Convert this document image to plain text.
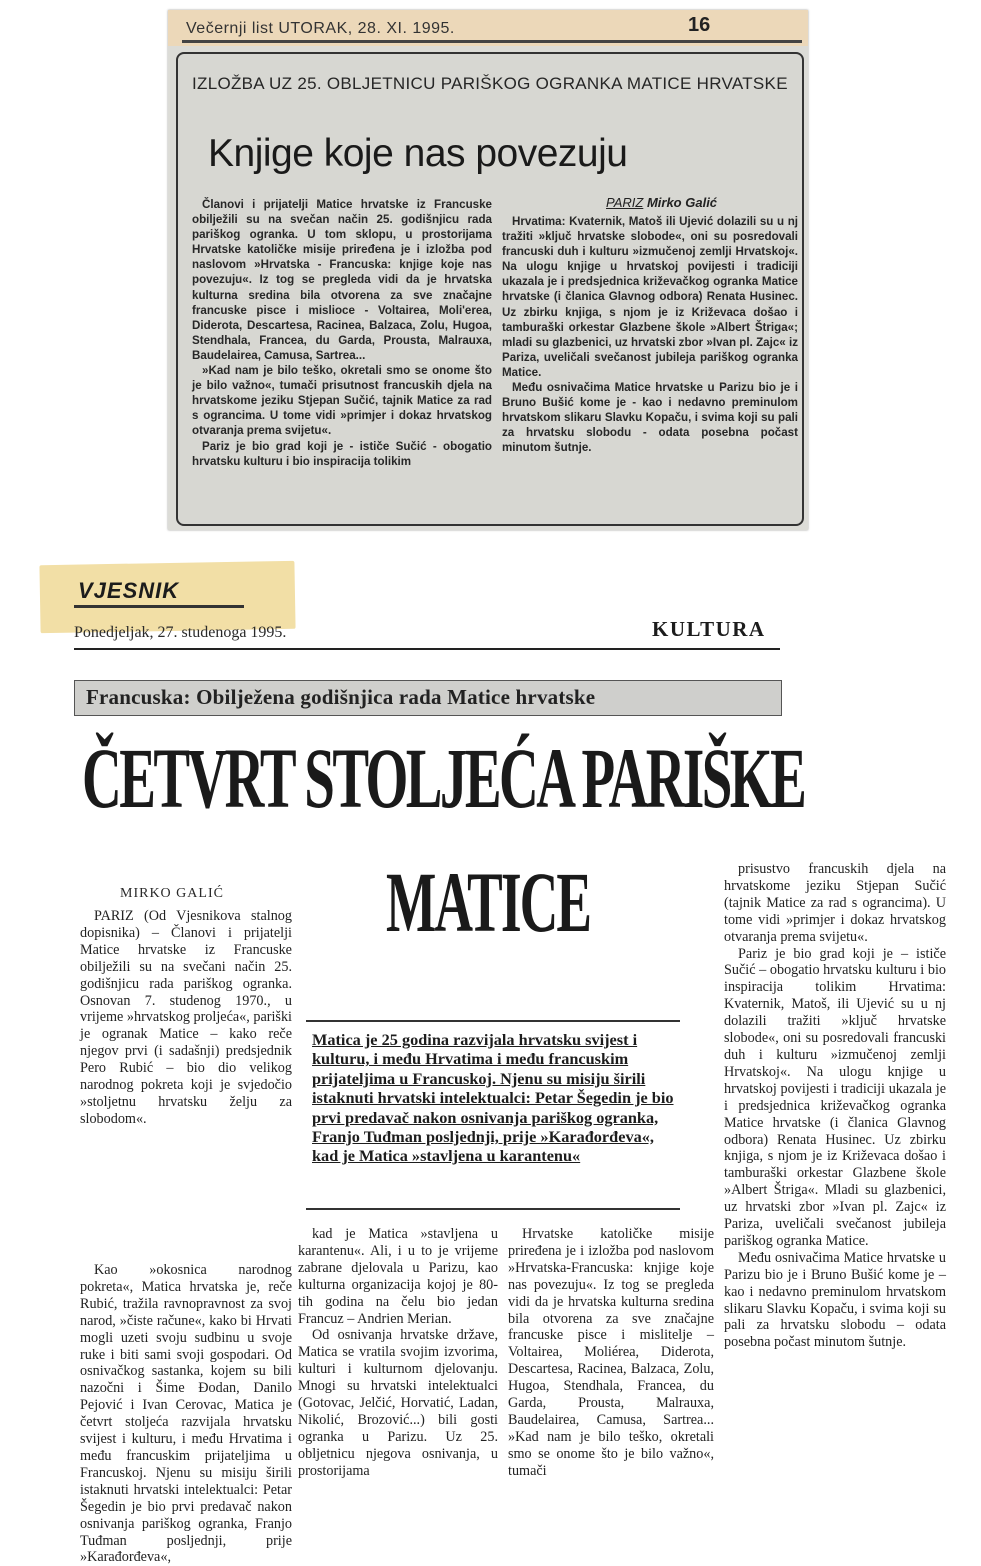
Večernji list UTORAK, 28. XI. 1995.	16
IZLOŽBA UZ 25. OBLJETNICU PARIŠKOG OGRANKA MATICE HRVATSKE
Knjige koje nas povezuju
PARIZ Mirko Galić

Članovi i prijatelji Matice hrvatske iz Francuske obilježili su na svečan način 25. godišnjicu rada pariškog ogranka. U tom sklopu, u prostorijama Hrvatske katoličke misije priređena je i izložba pod naslovom »Hrvatska - Francuska: knjige koje nas povezuju«. Iz tog se pregleda vidi da je hrvatska kulturna sredina bila otvorena za sve značajne francuske pisce i mislioce - Voltairea, Moli'erea, Diderota, Descartesa, Racinea, Balzaca, Zolu, Hugoa, Stendhala, Francea, du Garda, Prousta, Malrauxa, Baudelairea, Camusa, Sartrea...

»Kad nam je bilo teško, okretali smo se onome što je bilo važno«, tumači prisutnost francuskih djela na hrvatskome jeziku Stjepan Sučić, tajnik Matice za rad s ograncima. U tome vidi »primjer i dokaz hrvatskog otvaranja prema svijetu«.

Pariz je bio grad koji je - ističe Sučić - obogatio hrvatsku kulturu i bio inspiracija tolikim

Hrvatima: Kvaternik, Matoš ili Ujević dolazili su u nj tražiti »ključ hrvatske slobode«, oni su posredovali francuski duh i kulturu »izmučenoj zemlji Hrvatskoj«. Na ulogu knjige u hrvatskoj povijesti i tradiciji ukazala je i predsjednica križevačkog ogranka Matice hrvatske (i članica Glavnog odbora) Renata Husinec. Uz zbirku knjiga, s njom je iz Križevaca došao i tamburaški orkestar Glazbene škole »Albert Štriga«; mladi su glazbenici, uz hrvatski zbor »Ivan pl. Zajc« iz Pariza, uveličali svečanost jubileja pariškog ogranka Matice.

Među osnivačima Matice hrvatske u Parizu bio je i Bruno Bušić kome je - kao i nedavno preminulom hrvatskom slikaru Slavku Kopaču, i svima koji su pali za hrvatsku slobodu - odata posebna počast minutom šutnje.

VJESNIK
Ponedjeljak, 27. studenoga 1995.	KULTURA
Francuska: Obilježena godišnjica rada Matice hrvatske
ČETVRT STOLJEĆA PARIŠKE
MATICE
MIRKO GALIĆ

PARIZ (Od Vjesnikova stalnog dopisnika) – Članovi i prijatelji Matice hrvatske iz Francuske obilježili su na svečani način 25. godišnjicu rada pariškog ogranka. Osnovan 7. studenog 1970., u vrijeme »hrvatskog proljeća«, pariški je ogranak Matice – kako reče njegov prvi (i sadašnji) predsjednik Pero Rubić – bio dio velikog narodnog pokreta koji je svjedočio »stoljetnu hrvatsku želju za slobodom«.

Kao »okosnica narodnog pokreta«, Matica hrvatska je, reče Rubić, tražila ravnopravnost za svoj narod, »čiste račune«, kako bi Hrvati mogli uzeti svoju sudbinu u svoje ruke i biti sami svoji gospodari. Od osnivačkog sastanka, kojem su bili nazočni i Šime Đodan, Danilo Pejović i Ivan Cerovac, Matica je četvrt stoljeća razvijala hrvatsku svijest i kulturu, i među Hrvatima i među francuskim prijateljima u Francuskoj. Njenu su misiju širili istaknuti hrvatski intelektualci: Petar Šegedin je bio prvi predavač nakon osnivanja pariškog ogranka, Franjo Tuđman posljednji, prije »Karađorđeva«,

Matica je 25 godina razvijala hrvatsku svijest i kulturu, i među Hrvatima i među francuskim prijateljima u Francuskoj. Njenu su misiju širili istaknuti hrvatski intelektualci: Petar Šegedin je bio prvi predavač nakon osnivanja pariškog ogranka, Franjo Tuđman posljednji, prije »Karađorđeva«, kad je Matica »stavljena u karantenu«

kad je Matica »stavljena u karantenu«. Ali, i u to je vrijeme zabrane djelovala u Parizu, kao kulturna organizacija kojoj je 80-tih godina na čelu bio jedan Francuz – Andrien Merian.

Od osnivanja hrvatske države, Matica se vratila svojim izvorima, kulturi i kulturnom djelovanju. Mnogi su hrvatski intelektualci (Gotovac, Jelčić, Horvatić, Ladan, Nikolić, Brozović...) bili gosti ogranka u Parizu. Uz 25. obljetnicu njegova osnivanja, u prostorijama

Hrvatske katoličke misije priređena je i izložba pod naslovom »Hrvatska-Francuska: knjige koje nas povezuju«. Iz tog se pregleda vidi da je hrvatska kulturna sredina bila otvorena za sve značajne francuske pisce i mislitelje – Voltairea, Moliérea, Diderota, Descartesa, Racinea, Balzaca, Zolu, Hugoa, Stendhala, Francea, du Garda, Prousta, Malrauxa, Baudelairea, Camusa, Sartrea... »Kad nam je bilo teško, okretali smo se onome što je bilo važno«, tumači

prisustvo francuskih djela na hrvatskome jeziku Stjepan Sučić (tajnik Matice za rad s ograncima). U tome vidi »primjer i dokaz hrvatskog otvaranja prema svijetu«.

Pariz je bio grad koji je – ističe Sučić – obogatio hrvatsku kulturu i bio inspiracija tolikim Hrvatima: Kvaternik, Matoš, ili Ujević su u nj dolazili tražiti »ključ hrvatske slobode«, oni su posredovali francuski duh i kulturu »izmučenoj zemlji Hrvatskoj«. Na ulogu knjige u hrvatskoj povijesti i tradiciji ukazala je i predsjednica križevačkog ogranka Matice hrvatske (i članica Glavnog odbora) Renata Husinec. Uz zbirku knjiga, s njom je iz Križevaca došao i tamburaški orkestar Glazbene škole »Albert Štriga«. Mladi su glazbenici, uz hrvatski zbor »Ivan pl. Zajc« iz Pariza, uveličali svečanost jubileja pariškog ogranka Matice.

Među osnivačima Matice hrvatske u Parizu bio je i Bruno Bušić kome je – kao i nedavno preminulom hrvatskom slikaru Slavku Kopaču, i svima koji su pali za hrvatsku slobodu – odata posebna počast minutom šutnje.
